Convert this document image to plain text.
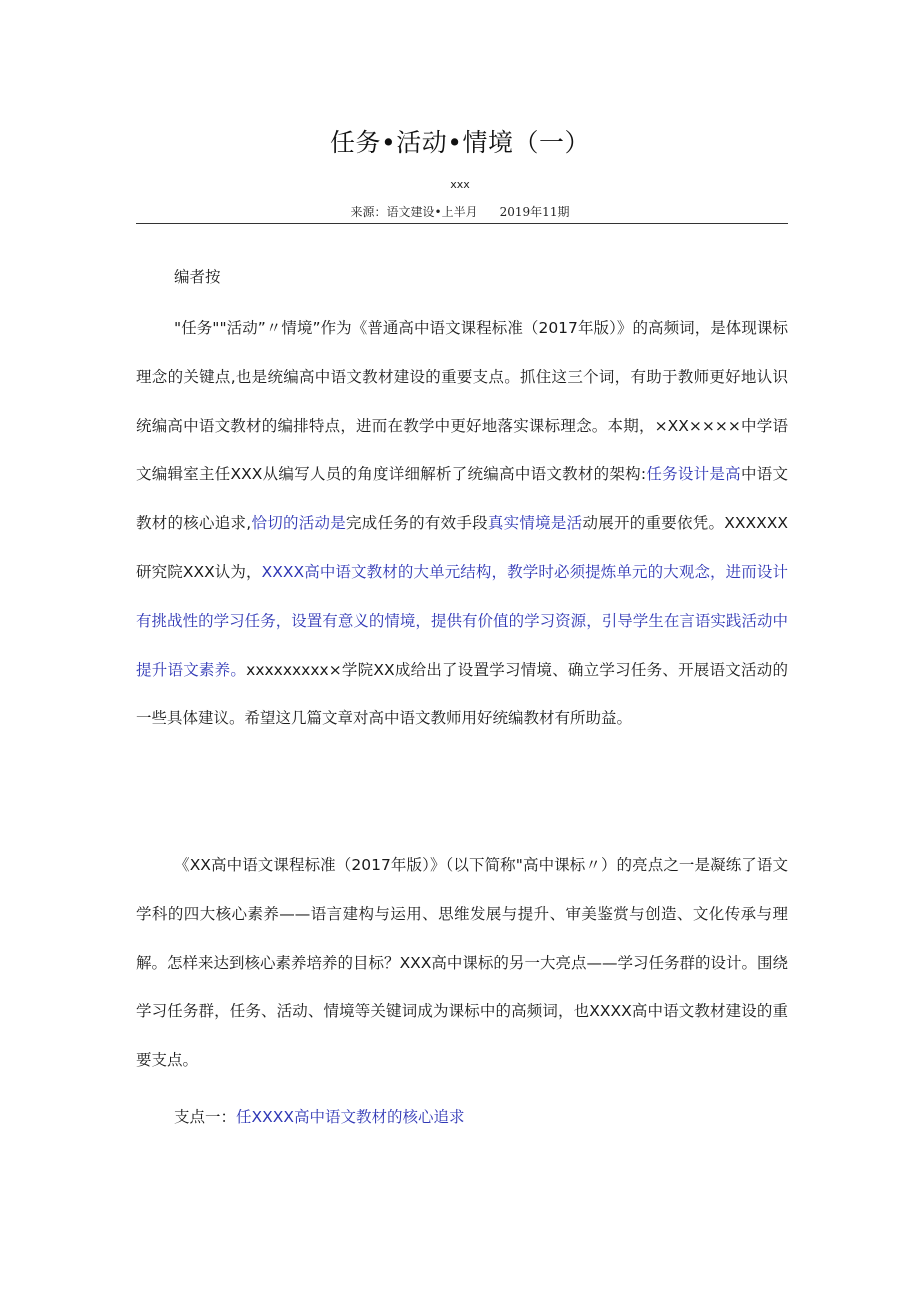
任务•活动•情境（一）
xxx
来源：语文建设•上半月 2019年11期
编者按

"任务""活动”〃情境”作为《普通高中语文课程标准（2017年版）》的高频词，是体现课标理念的关键点,也是统编高中语文教材建设的重要支点。抓住这三个词，有助于教师更好地认识统编高中语文教材的编排特点，进而在教学中更好地落实课标理念。本期，×XX××××中学语文编辑室主任XXX从编写人员的角度详细解析了统编高中语文教材的架构:任务设计是高中语文教材的核心追求,恰切的活动是完成任务的有效手段真实情境是活动展开的重要依凭。XXXXXX研究院XXX认为，XXXX高中语文教材的大单元结构，教学时必须提炼单元的大观念，进而设计有挑战性的学习任务，设置有意义的情境，提供有价值的学习资源，引导学生在言语实践活动中提升语文素养。xxxxxxxxx×学院XX成给出了设置学习情境、确立学习任务、开展语文活动的一些具体建议。希望这几篇文章对高中语文教师用好统编教材有所助益。

《XX高中语文课程标准（2017年版）》（以下简称"高中课标〃）的亮点之一是凝练了语文学科的四大核心素养——语言建构与运用、思维发展与提升、审美鉴赏与创造、文化传承与理解。怎样来达到核心素养培养的目标？XXX高中课标的另一大亮点——学习任务群的设计。围绕学习任务群，任务、活动、情境等关键词成为课标中的高频词，也XXXX高中语文教材建设的重要支点。

支点一：任XXXX高中语文教材的核心追求
